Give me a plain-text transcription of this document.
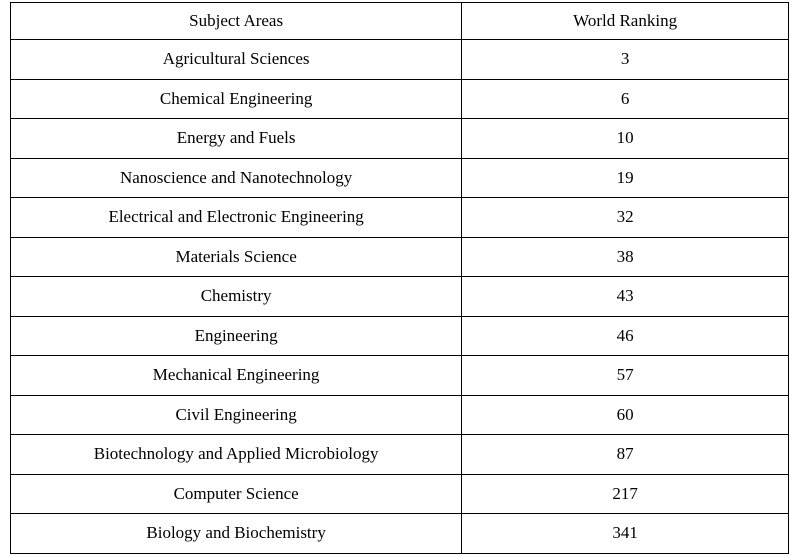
Subject Areas	World Ranking
Agricultural Sciences	3
Chemical Engineering	6
Energy and Fuels	10
Nanoscience and Nanotechnology	19
Electrical and Electronic Engineering	32
Materials Science	38
Chemistry	43
Engineering	46
Mechanical Engineering	57
Civil Engineering	60
Biotechnology and Applied Microbiology	87
Computer Science	217
Biology and Biochemistry	341
